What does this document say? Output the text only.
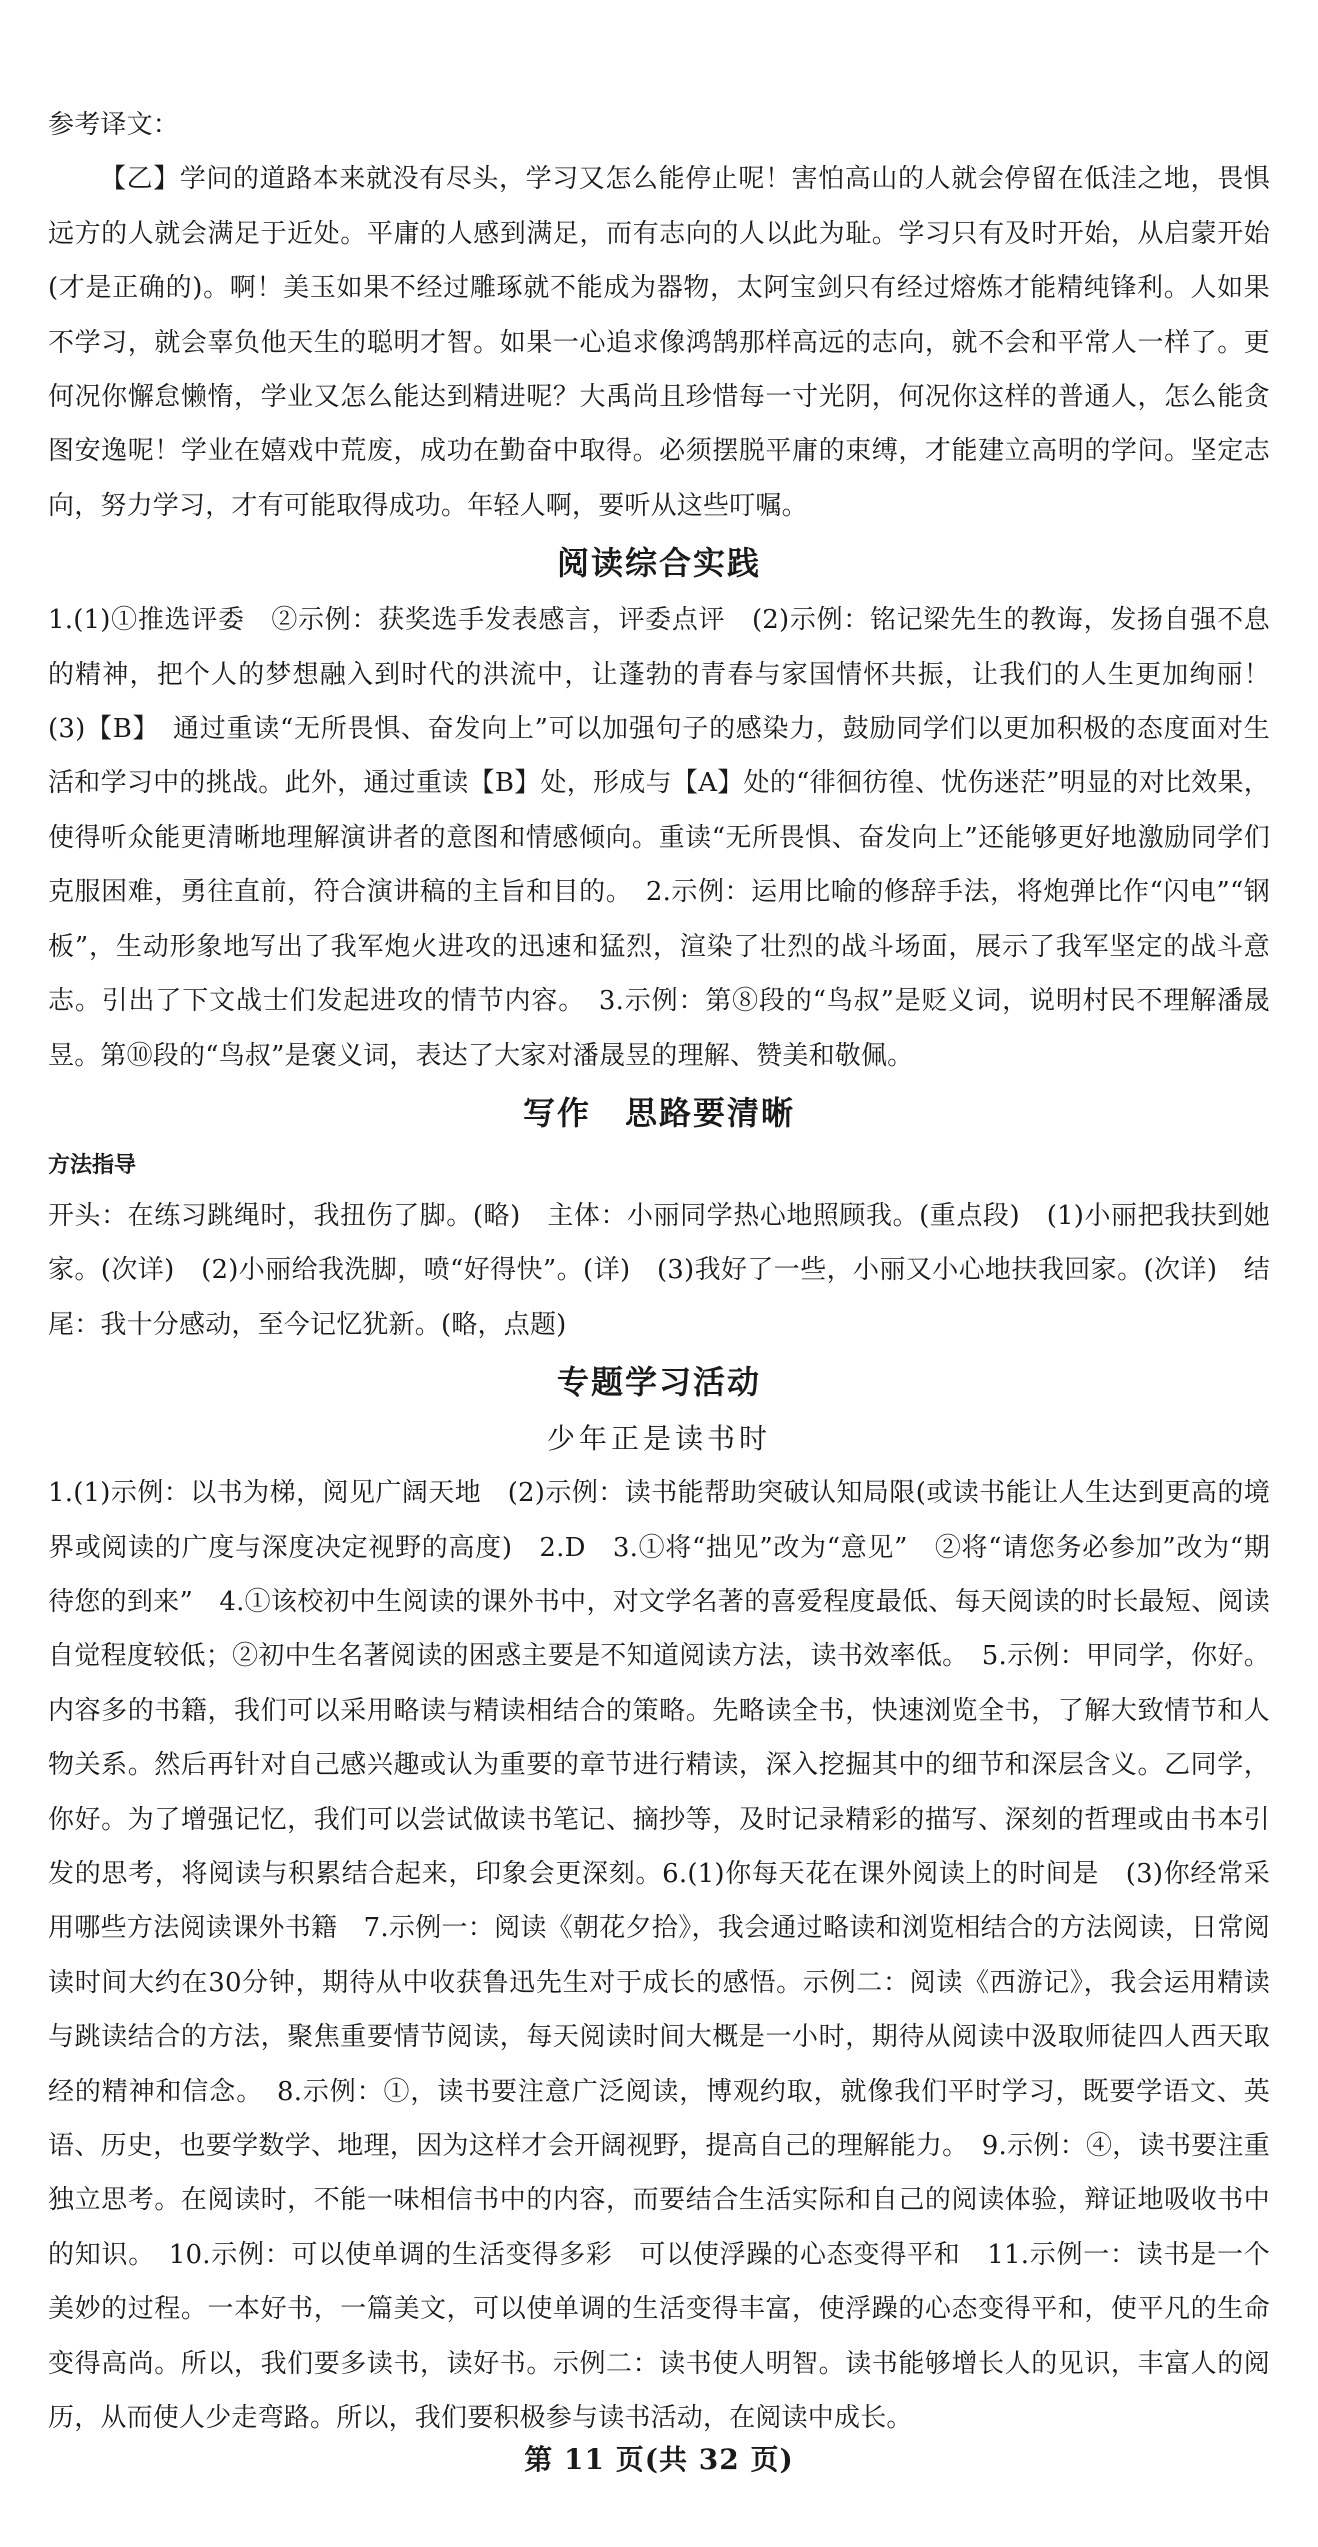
参考译文：

【乙】学问的道路本来就没有尽头，学习又怎么能停止呢！害怕高山的人就会停留在低洼之地，畏惧远方的人就会满足于近处。平庸的人感到满足，而有志向的人以此为耻。学习只有及时开始，从启蒙开始(才是正确的)。啊！美玉如果不经过雕琢就不能成为器物，太阿宝剑只有经过熔炼才能精纯锋利。人如果不学习，就会辜负他天生的聪明才智。如果一心追求像鸿鹄那样高远的志向，就不会和平常人一样了。更何况你懈怠懒惰，学业又怎么能达到精进呢？大禹尚且珍惜每一寸光阴，何况你这样的普通人，怎么能贪图安逸呢！学业在嬉戏中荒废，成功在勤奋中取得。必须摆脱平庸的束缚，才能建立高明的学问。坚定志向，努力学习，才有可能取得成功。年轻人啊，要听从这些叮嘱。

阅读综合实践

1.(1)①推选评委　②示例：获奖选手发表感言，评委点评　(2)示例：铭记梁先生的教诲，发扬自强不息的精神，把个人的梦想融入到时代的洪流中，让蓬勃的青春与家国情怀共振，让我们的人生更加绚丽！　(3)【B】　通过重读“无所畏惧、奋发向上”可以加强句子的感染力，鼓励同学们以更加积极的态度面对生活和学习中的挑战。此外，通过重读【B】处，形成与【A】处的“徘徊彷徨、忧伤迷茫”明显的对比效果，使得听众能更清晰地理解演讲者的意图和情感倾向。重读“无所畏惧、奋发向上”还能够更好地激励同学们克服困难，勇往直前，符合演讲稿的主旨和目的。　2.示例：运用比喻的修辞手法，将炮弹比作“闪电”“钢板”，生动形象地写出了我军炮火进攻的迅速和猛烈，渲染了壮烈的战斗场面，展示了我军坚定的战斗意志。引出了下文战士们发起进攻的情节内容。　3.示例：第⑧段的“鸟叔”是贬义词，说明村民不理解潘晟昱。第⑩段的“鸟叔”是褒义词，表达了大家对潘晟昱的理解、赞美和敬佩。

写作　思路要清晰
方法指导

开头：在练习跳绳时，我扭伤了脚。(略)　主体：小丽同学热心地照顾我。(重点段)　(1)小丽把我扶到她家。(次详)　(2)小丽给我洗脚，喷“好得快”。(详)　(3)我好了一些，小丽又小心地扶我回家。(次详)　结尾：我十分感动，至今记忆犹新。(略，点题)

专题学习活动
少年正是读书时

1.(1)示例：以书为梯，阅见广阔天地　(2)示例：读书能帮助突破认知局限(或读书能让人生达到更高的境界或阅读的广度与深度决定视野的高度)　2.D　3.①将“拙见”改为“意见”　②将“请您务必参加”改为“期待您的到来”　4.①该校初中生阅读的课外书中，对文学名著的喜爱程度最低、每天阅读的时长最短、阅读自觉程度较低；②初中生名著阅读的困惑主要是不知道阅读方法，读书效率低。　5.示例：甲同学，你好。内容多的书籍，我们可以采用略读与精读相结合的策略。先略读全书，快速浏览全书，了解大致情节和人物关系。然后再针对自己感兴趣或认为重要的章节进行精读，深入挖掘其中的细节和深层含义。乙同学，你好。为了增强记忆，我们可以尝试做读书笔记、摘抄等，及时记录精彩的描写、深刻的哲理或由书本引发的思考，将阅读与积累结合起来，印象会更深刻。6.(1)你每天花在课外阅读上的时间是　(3)你经常采用哪些方法阅读课外书籍　7.示例一：阅读《朝花夕拾》，我会通过略读和浏览相结合的方法阅读，日常阅读时间大约在30分钟，期待从中收获鲁迅先生对于成长的感悟。示例二：阅读《西游记》，我会运用精读与跳读结合的方法，聚焦重要情节阅读，每天阅读时间大概是一小时，期待从阅读中汲取师徒四人西天取经的精神和信念。　8.示例：①，读书要注意广泛阅读，博观约取，就像我们平时学习，既要学语文、英语、历史，也要学数学、地理，因为这样才会开阔视野，提高自己的理解能力。　9.示例：④，读书要注重独立思考。在阅读时，不能一味相信书中的内容，而要结合生活实际和自己的阅读体验，辩证地吸收书中的知识。　10.示例：可以使单调的生活变得多彩　可以使浮躁的心态变得平和　11.示例一：读书是一个美妙的过程。一本好书，一篇美文，可以使单调的生活变得丰富，使浮躁的心态变得平和，使平凡的生命变得高尚。所以，我们要多读书，读好书。示例二：读书使人明智。读书能够增长人的见识，丰富人的阅历，从而使人少走弯路。所以，我们要积极参与读书活动，在阅读中成长。

第 11 页(共 32 页)
